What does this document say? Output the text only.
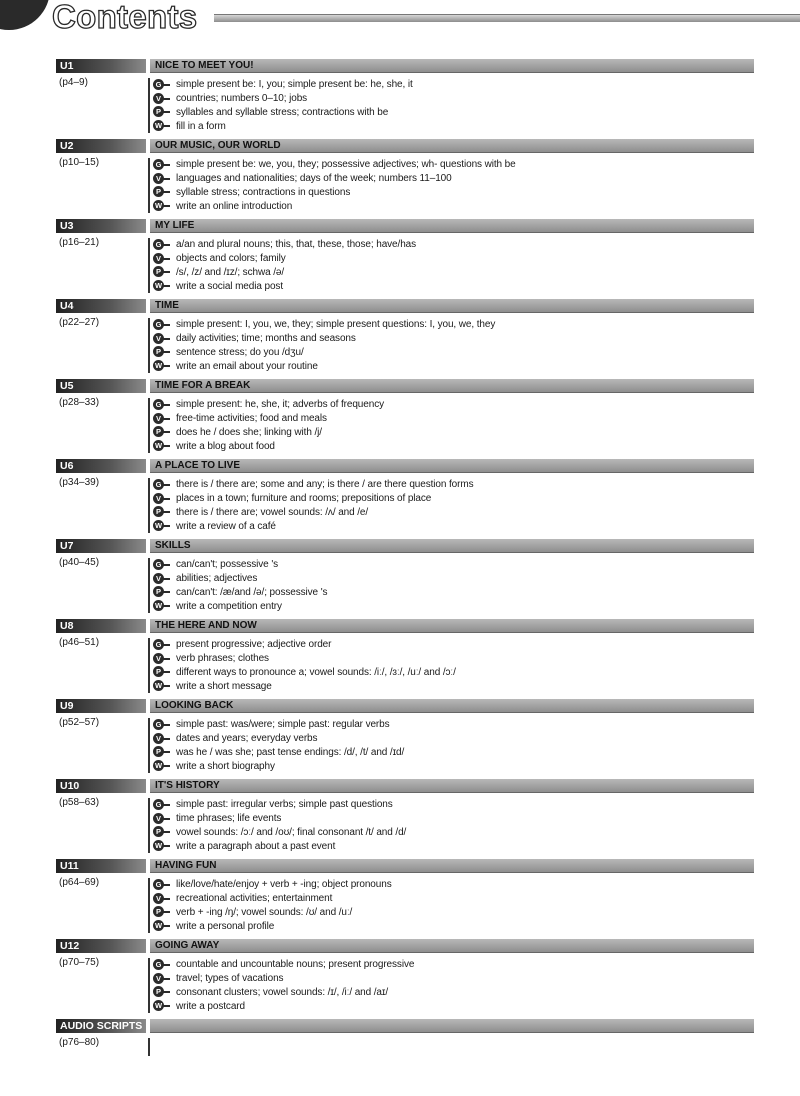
Contents
U1	NICE TO MEET YOU!
(p4–9)	G simple present be: I, you; simple present be: he, she, it
V	countries; numbers 0–10; jobs
P	syllables and syllable stress; contractions with be
W fill in a form
U2	OUR MUSIC, OUR WORLD
(p10–15)	G simple present be: we, you, they; possessive adjectives; wh- questions with be
V	languages and nationalities; days of the week; numbers 11–100
P	syllable stress; contractions in questions
W write an online introduction
U3	MY LIFE
(p16–21)	G a/an and plural nouns; this, that, these, those; have/has
V	objects and colors; family
P	/s/, /z/ and /ɪz/; schwa /ə/
W write a social media post
U4	TIME
(p22–27)	G simple present: I, you, we, they; simple present questions: I, you, we, they
V	daily activities; time; months and seasons
P	sentence stress; do you /dʒu/
W write an email about your routine
U5	TIME FOR A BREAK
(p28–33)	G simple present: he, she, it; adverbs of frequency
V	free-time activities; food and meals
P	does he / does she; linking with /j/
W write a blog about food
U6	A PLACE TO LIVE
(p34–39)	G there is / there are; some and any; is there / are there question forms
V	places in a town; furniture and rooms; prepositions of place
P	there is / there are; vowel sounds: /ʌ/ and /e/
W write a review of a café
U7	SKILLS
(p40–45)	G can/can't; possessive 's
V	abilities; adjectives
P	can/can't: /æ/and /ə/; possessive 's
W write a competition entry
U8	THE HERE AND NOW
(p46–51)	G present progressive; adjective order
V	verb phrases; clothes
P	different ways to pronounce a; vowel sounds: /iː/, /ɜː/, /uː/ and /ɔː/
W write a short message
U9	LOOKING BACK
(p52–57)	G simple past: was/were; simple past: regular verbs
V	dates and years; everyday verbs
P	was he / was she; past tense endings: /d/, /t/ and /ɪd/
W write a short biography
U10	IT'S HISTORY
(p58–63)	G simple past: irregular verbs; simple past questions
V	time phrases; life events
P	vowel sounds: /ɔː/ and /oʊ/; final consonant /t/ and /d/
W write a paragraph about a past event
U11	HAVING FUN
(p64–69)	G like/love/hate/enjoy + verb + -ing; object pronouns
V	recreational activities; entertainment
P	verb + -ing /ŋ/; vowel sounds: /ʊ/ and /uː/
W write a personal profile
U12	GOING AWAY
(p70–75)	G countable and uncountable nouns; present progressive
V	travel; types of vacations
P	consonant clusters; vowel sounds: /ɪ/, /iː/ and /aɪ/
W write a postcard
AUDIO SCRIPTS
(p76–80)
